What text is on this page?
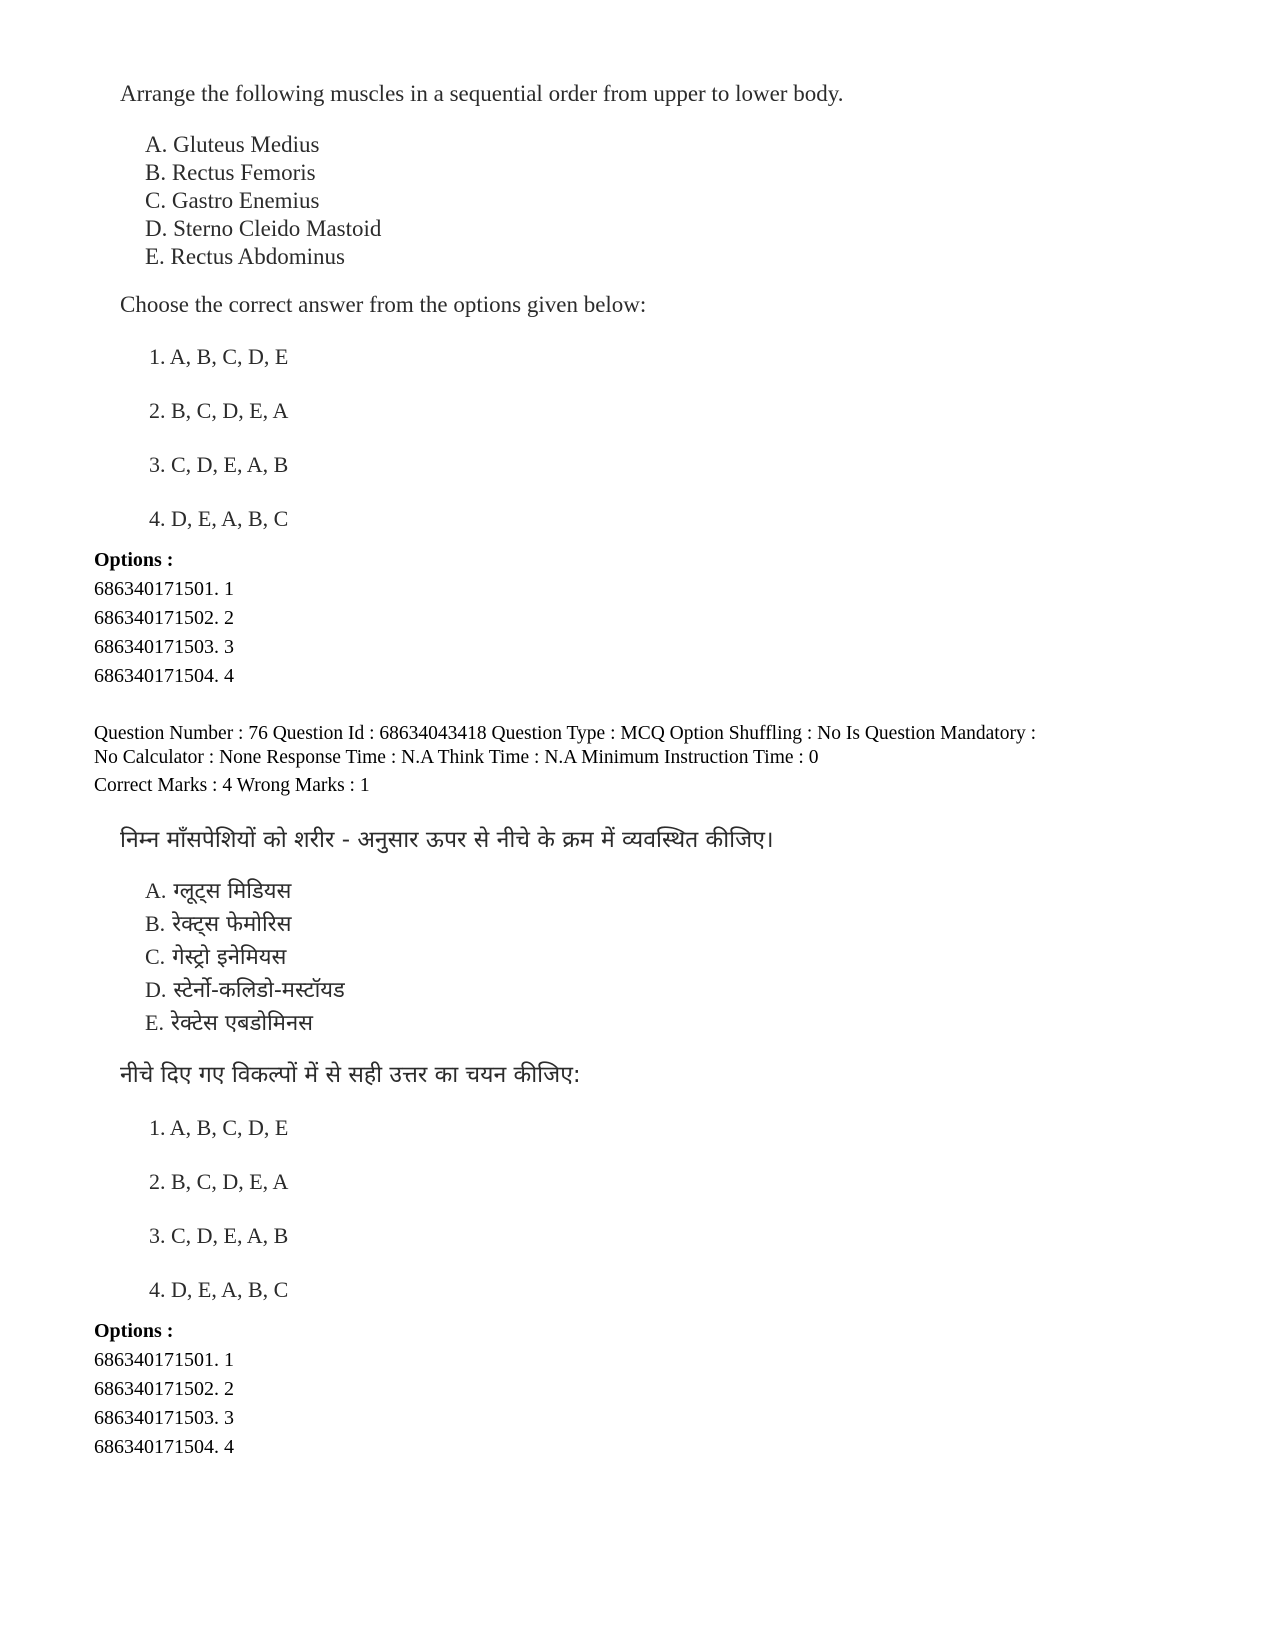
Arrange the following muscles in a sequential order from upper to lower body.

A. Gluteus Medius
B. Rectus Femoris
C. Gastro Enemius
D. Sterno Cleido Mastoid
E. Rectus Abdominus

Choose the correct answer from the options given below:

1. A, B, C, D, E
2. B, C, D, E, A
3. C, D, E, A, B
4. D, E, A, B, C

Options :

686340171501. 1

686340171502. 2

686340171503. 3

686340171504. 4

Question Number : 76 Question Id : 68634043418 Question Type : MCQ Option Shuffling : No Is Question Mandatory :
No Calculator : None Response Time : N.A Think Time : N.A Minimum Instruction Time : 0
Correct Marks : 4 Wrong Marks : 1

निम्न माँसपेशियों को शरीर - अनुसार ऊपर से नीचे के क्रम में व्यवस्थित कीजिए।

A. ग्लूट्स मिडियस
B. रेक्ट्स फेमोरिस
C. गेस्ट्रो इनेमियस
D. स्टेर्नो-कलिडो-मस्टॉयड
E. रेक्टेस एबडोमिनस

नीचे दिए गए विकल्पों में से सही उत्तर का चयन कीजिए:

1. A, B, C, D, E
2. B, C, D, E, A
3. C, D, E, A, B
4. D, E, A, B, C

Options :

686340171501. 1

686340171502. 2

686340171503. 3

686340171504. 4
